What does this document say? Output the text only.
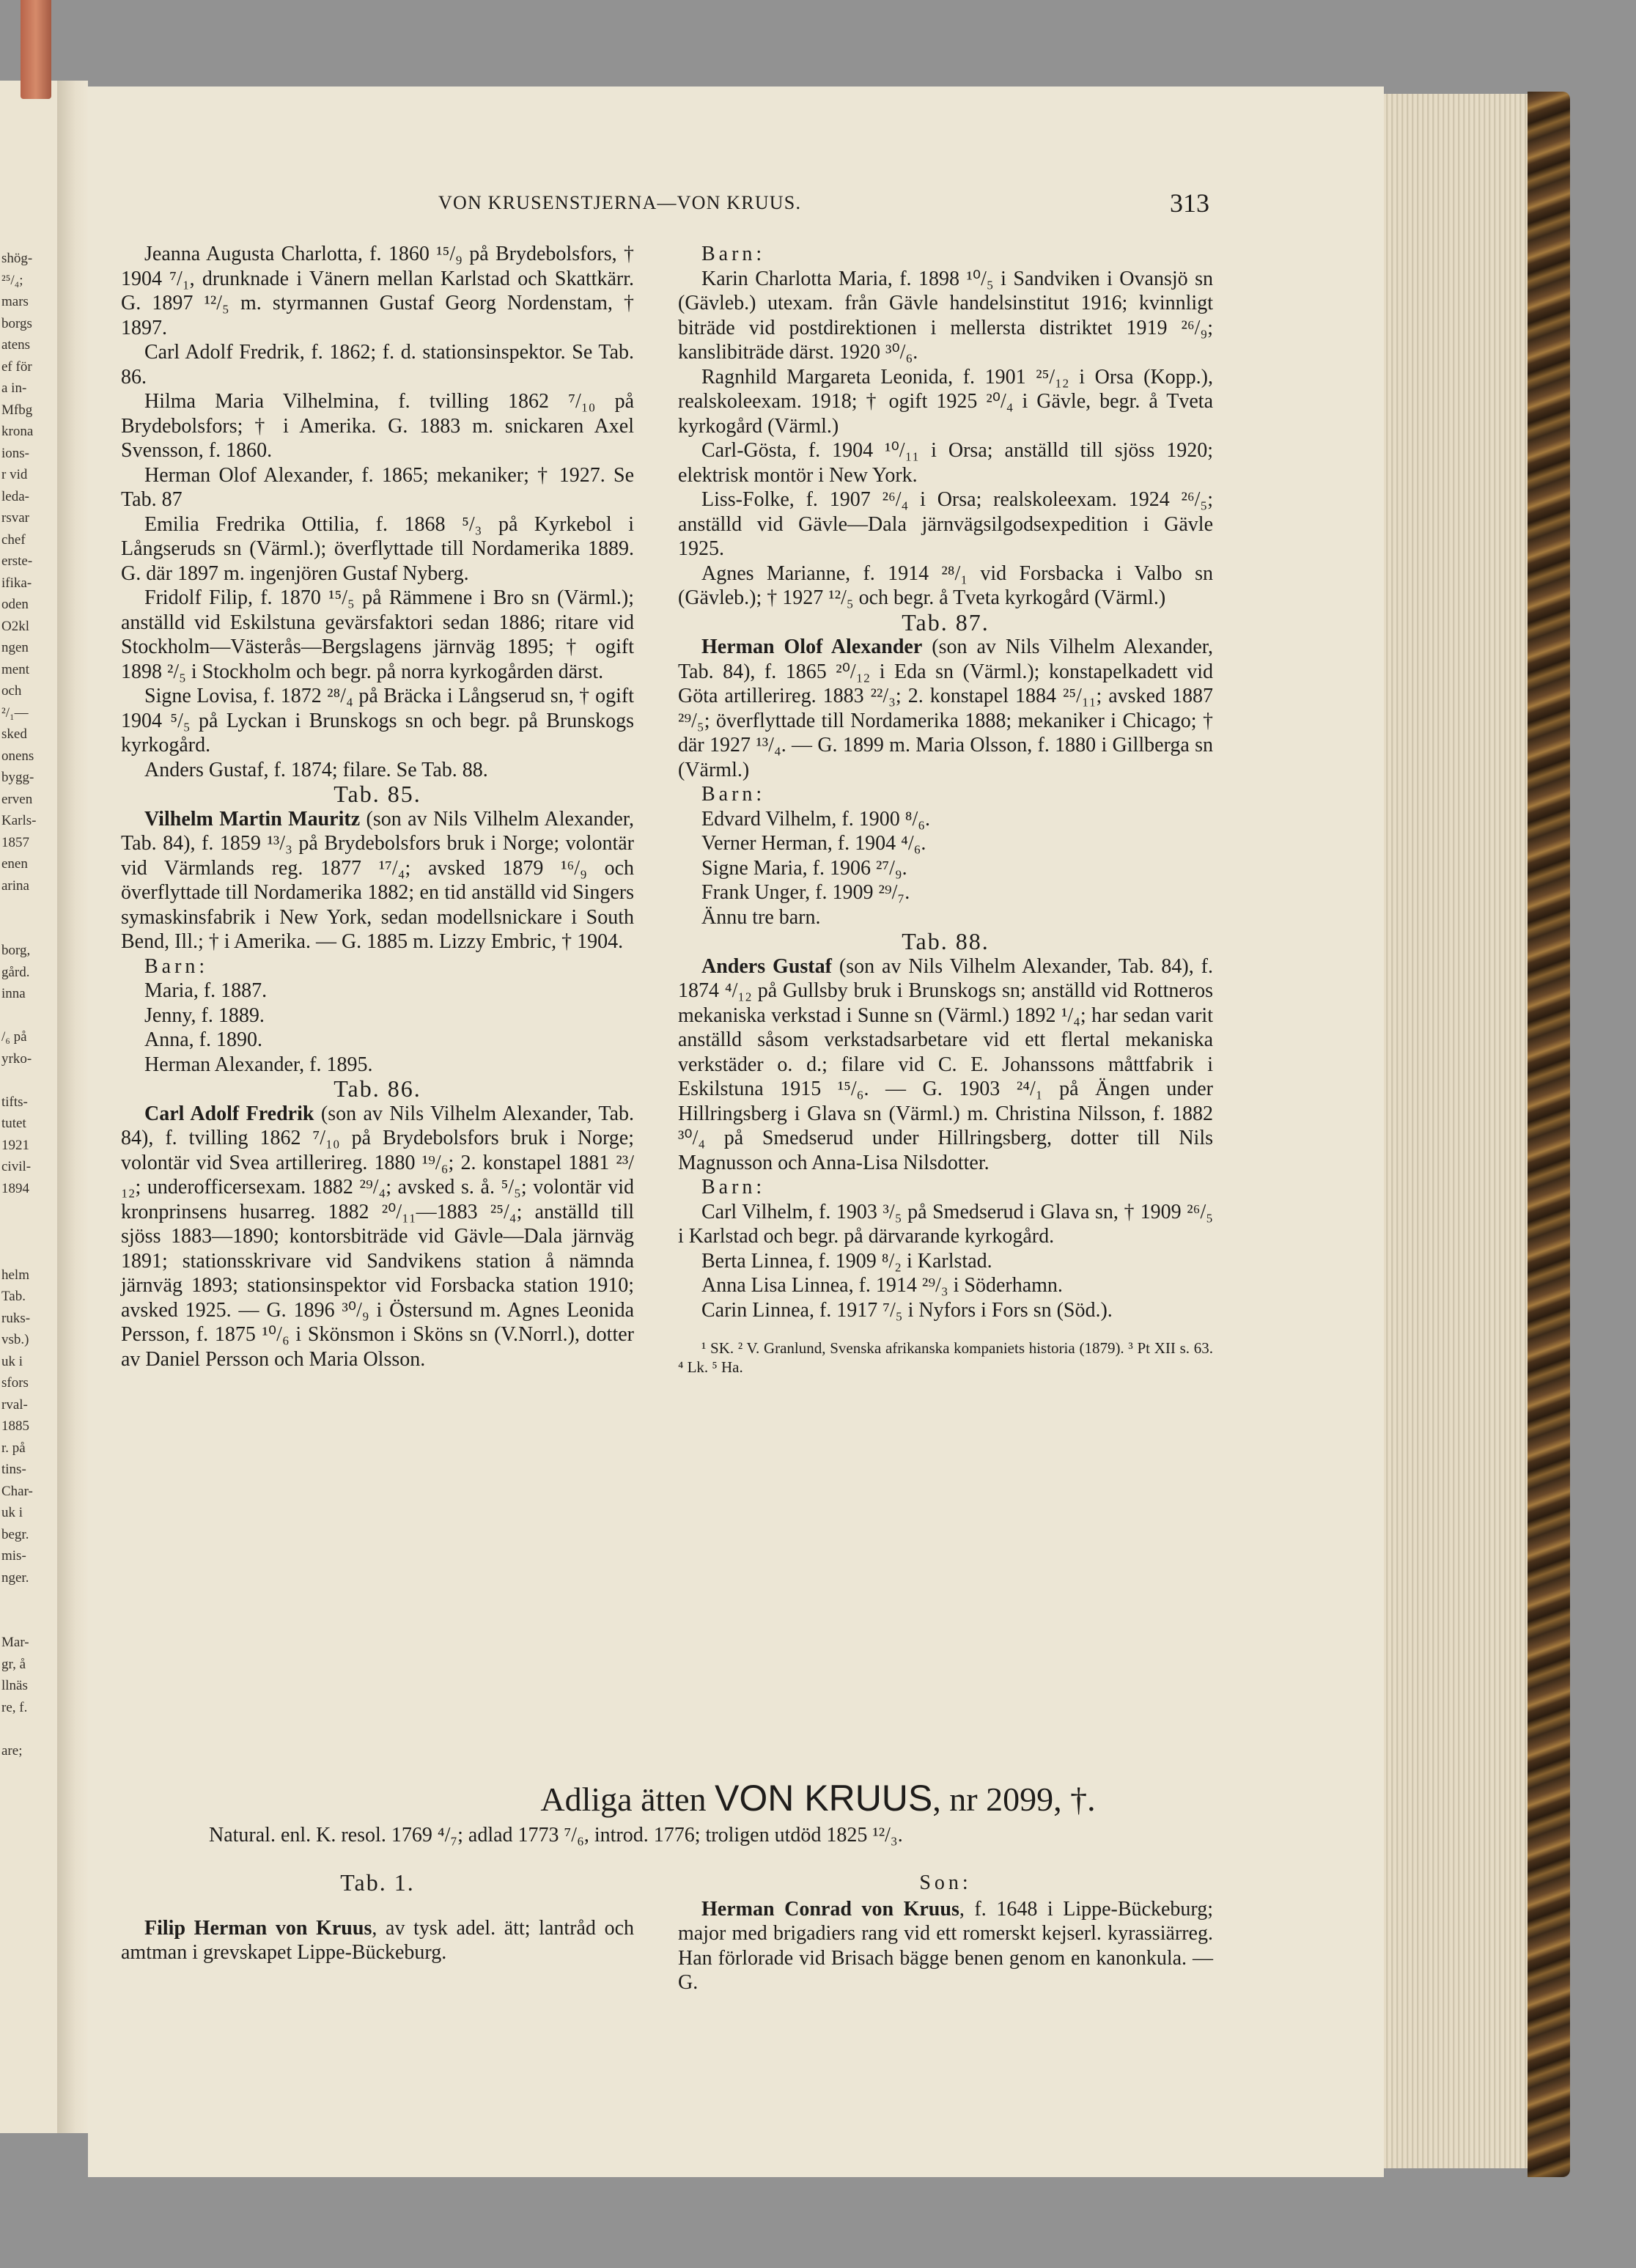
shög-
²⁵/₄;
mars
borgs
atens
ef för
a in-
Mfbg
krona
ions-
r vid
leda-
rsvar
chef
erste-
ifika-
oden
O2kl
ngen
ment
och
²/₁—
sked
onens
bygg-
erven
Karls-
1857
enen
arina

borg,
gård.
inna

/₆ på
yrko-

tifts-
tutet
1921
civil-
1894

helm
Tab.
ruks-
vsb.)
uk i
sfors
rval-
1885
r. på
tins-
Char-
uk i
begr.
mis-
nger.

Mar-
gr, å
llnäs
re, f.

are;

VON KRUSENSTJERNA—VON KRUUS.	313

Jeanna Augusta Charlotta, f. 1860 ¹⁵/₉ på Brydebolsfors, † 1904 ⁷/₁, drunknade i Vänern mellan Karlstad och Skattkärr. G. 1897 ¹²/₅ m. styrmannen Gustaf Georg Nordenstam, † 1897.

Carl Adolf Fredrik, f. 1862; f. d. stationsinspektor. Se Tab. 86.

Hilma Maria Vilhelmina, f. tvilling 1862 ⁷/₁₀ på Brydebolsfors; † i Amerika. G. 1883 m. snickaren Axel Svensson, f. 1860.

Herman Olof Alexander, f. 1865; mekaniker; † 1927. Se Tab. 87

Emilia Fredrika Ottilia, f. 1868 ⁵/₃ på Kyrkebol i Långseruds sn (Värml.); överflyttade till Nordamerika 1889. G. där 1897 m. ingenjören Gustaf Nyberg.

Fridolf Filip, f. 1870 ¹⁵/₅ på Rämmene i Bro sn (Värml.); anställd vid Eskilstuna gevärsfaktori sedan 1886; ritare vid Stockholm—Västerås—Bergslagens järnväg 1895; † ogift 1898 ²/₅ i Stockholm och begr. på norra kyrkogården därst.

Signe Lovisa, f. 1872 ²⁸/₄ på Bräcka i Långserud sn, † ogift 1904 ⁵/₅ på Lyckan i Brunskogs sn och begr. på Brunskogs kyrkogård.

Anders Gustaf, f. 1874; filare. Se Tab. 88.

Tab. 85.

Vilhelm Martin Mauritz (son av Nils Vilhelm Alexander, Tab. 84), f. 1859 ¹³/₃ på Brydebolsfors bruk i Norge; volontär vid Värmlands reg. 1877 ¹⁷/₄; avsked 1879 ¹⁶/₉ och överflyttade till Nordamerika 1882; en tid anställd vid Singers symaskinsfabrik i New York, sedan modellsnickare i South Bend, Ill.; † i Amerika. — G. 1885 m. Lizzy Embric, † 1904.

Barn:

Maria, f. 1887.

Jenny, f. 1889.

Anna, f. 1890.

Herman Alexander, f. 1895.

Tab. 86.

Carl Adolf Fredrik (son av Nils Vilhelm Alexander, Tab. 84), f. tvilling 1862 ⁷/₁₀ på Brydebolsfors bruk i Norge; volontär vid Svea artillerireg. 1880 ¹⁹/₆; 2. konstapel 1881 ²³/₁₂; underofficersexam. 1882 ²⁹/₄; avsked s. å. ⁵/₅; volontär vid kronprinsens husarreg. 1882 ²⁰/₁₁—1883 ²⁵/₄; anställd till sjöss 1883—1890; kontorsbiträde vid Gävle—Dala järnväg 1891; stationsskrivare vid Sandvikens station å nämnda järnväg 1893; stationsinspektor vid Forsbacka station 1910; avsked 1925. — G. 1896 ³⁰/₉ i Östersund m. Agnes Leonida Persson, f. 1875 ¹⁰/₆ i Skönsmon i Sköns sn (V.Norrl.), dotter av Daniel Persson och Maria Olsson.

Barn:

Karin Charlotta Maria, f. 1898 ¹⁰/₅ i Sandviken i Ovansjö sn (Gävleb.) utexam. från Gävle handelsinstitut 1916; kvinnligt biträde vid postdirektionen i mellersta distriktet 1919 ²⁶/₉; kanslibiträde därst. 1920 ³⁰/₆.

Ragnhild Margareta Leonida, f. 1901 ²⁵/₁₂ i Orsa (Kopp.), realskoleexam. 1918; † ogift 1925 ²⁰/₄ i Gävle, begr. å Tveta kyrkogård (Värml.)

Carl-Gösta, f. 1904 ¹⁰/₁₁ i Orsa; anställd till sjöss 1920; elektrisk montör i New York.

Liss-Folke, f. 1907 ²⁶/₄ i Orsa; realskoleexam. 1924 ²⁶/₅; anställd vid Gävle—Dala järnvägsilgodsexpedition i Gävle 1925.

Agnes Marianne, f. 1914 ²⁸/₁ vid Forsbacka i Valbo sn (Gävleb.); † 1927 ¹²/₅ och begr. å Tveta kyrkogård (Värml.)

Tab. 87.

Herman Olof Alexander (son av Nils Vilhelm Alexander, Tab. 84), f. 1865 ²⁰/₁₂ i Eda sn (Värml.); konstapelkadett vid Göta artillerireg. 1883 ²²/₃; 2. konstapel 1884 ²⁵/₁₁; avsked 1887 ²⁹/₅; överflyttade till Nordamerika 1888; mekaniker i Chicago; † där 1927 ¹³/₄. — G. 1899 m. Maria Olsson, f. 1880 i Gillberga sn (Värml.)

Barn:

Edvard Vilhelm, f. 1900 ⁸/₆.

Verner Herman, f. 1904 ⁴/₆.

Signe Maria, f. 1906 ²⁷/₉.

Frank Unger, f. 1909 ²⁹/₇.

Ännu tre barn.

Tab. 88.

Anders Gustaf (son av Nils Vilhelm Alexander, Tab. 84), f. 1874 ⁴/₁₂ på Gullsby bruk i Brunskogs sn; anställd vid Rottneros mekaniska verkstad i Sunne sn (Värml.) 1892 ¹/₄; har sedan varit anställd såsom verkstadsarbetare vid ett flertal mekaniska verkstäder o. d.; filare vid C. E. Johanssons måttfabrik i Eskilstuna 1915 ¹⁵/₆. — G. 1903 ²⁴/₁ på Ängen under Hillringsberg i Glava sn (Värml.) m. Christina Nilsson, f. 1882 ³⁰/₄ på Smedserud under Hillringsberg, dotter till Nils Magnusson och Anna-Lisa Nilsdotter.

Barn:

Carl Vilhelm, f. 1903 ³/₅ på Smedserud i Glava sn, † 1909 ²⁶/₅ i Karlstad och begr. på därvarande kyrkogård.

Berta Linnea, f. 1909 ⁸/₂ i Karlstad.

Anna Lisa Linnea, f. 1914 ²⁹/₃ i Söderhamn.

Carin Linnea, f. 1917 ⁷/₅ i Nyfors i Fors sn (Söd.).

¹ SK. ² V. Granlund, Svenska afrikanska kompaniets historia (1879). ³ Pt XII s. 63. ⁴ Lk. ⁵ Ha.

Adliga ätten VON KRUUS, nr 2099, †.

Natural. enl. K. resol. 1769 ⁴/₇; adlad 1773 ⁷/₆, introd. 1776; troligen utdöd 1825 ¹²/₃.

Tab. 1.

Filip Herman von Kruus, av tysk adel. ätt; lantråd och amtman i grevskapet Lippe-Bückeburg.

Son:

Herman Conrad von Kruus, f. 1648 i Lippe-Bückeburg; major med brigadiers rang vid ett romerskt kejserl. kyrassiärreg. Han förlorade vid Brisach bägge benen genom en kanonkula. — G.
